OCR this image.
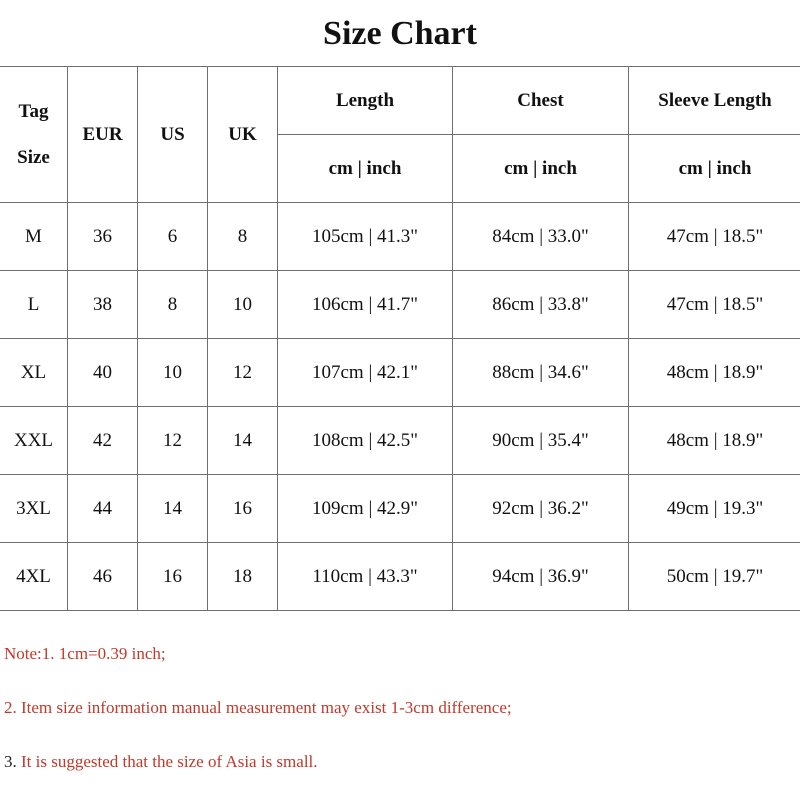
Size Chart
Tag
Size	EUR	US	UK	Length	Chest	Sleeve Length
				cm | inch	cm | inch	cm | inch
M	36	6	8	105cm | 41.3"	84cm | 33.0"	47cm | 18.5"
L	38	8	10	106cm | 41.7"	86cm | 33.8"	47cm | 18.5"
XL	40	10	12	107cm | 42.1"	88cm | 34.6"	48cm | 18.9"
XXL	42	12	14	108cm | 42.5"	90cm | 35.4"	48cm | 18.9"
3XL	44	14	16	109cm | 42.9"	92cm | 36.2"	49cm | 19.3"
4XL	46	16	18	110cm | 43.3"	94cm | 36.9"	50cm | 19.7"
Note:1. 1cm=0.39 inch;
2. Item size information manual measurement may exist 1-3cm difference;
3. It is suggested that the size of Asia is small.
